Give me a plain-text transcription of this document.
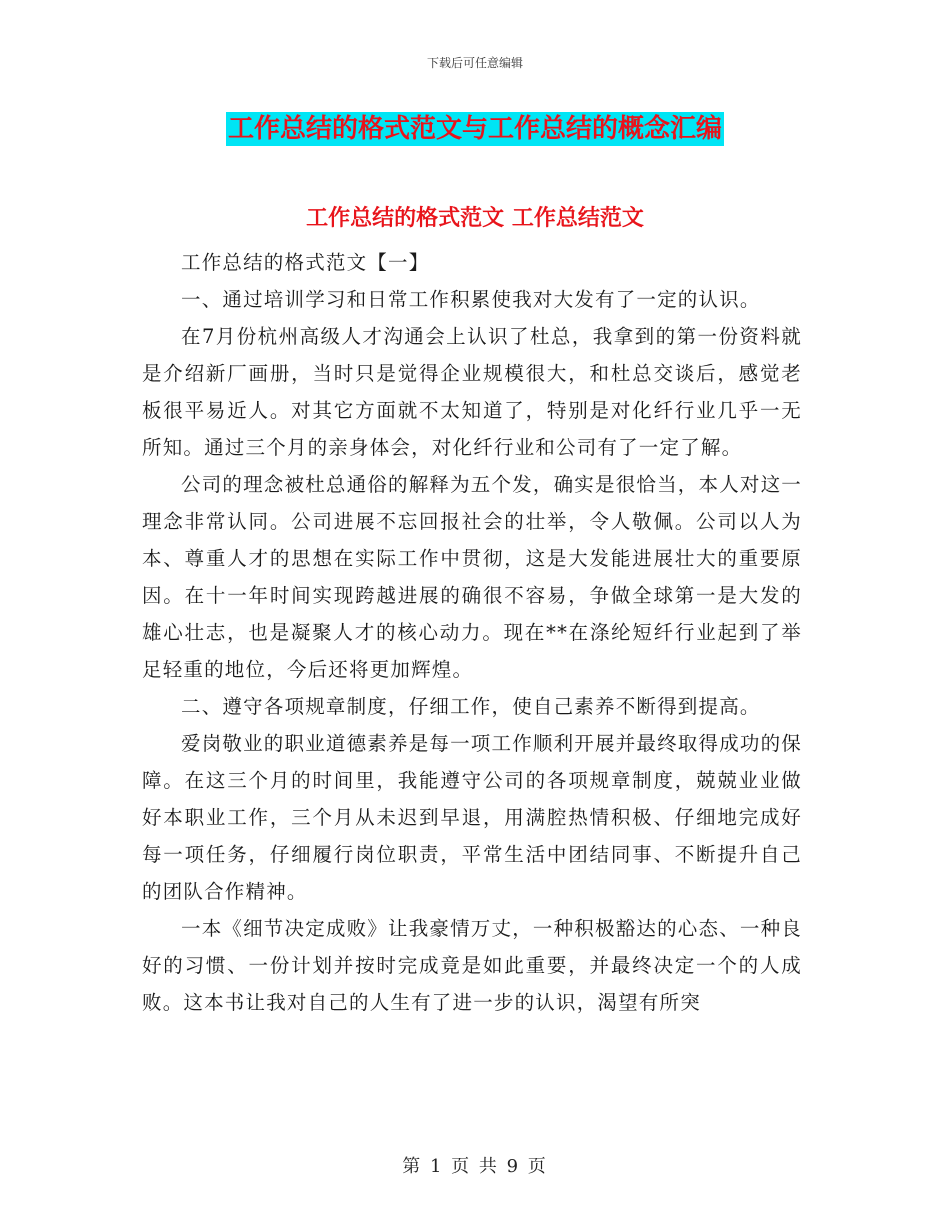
下载后可任意编辑
工作总结的格式范文与工作总结的概念汇编
工作总结的格式范文 工作总结范文

工作总结的格式范文【一】

一、通过培训学习和日常工作积累使我对大发有了一定的认识。

在7月份杭州高级人才沟通会上认识了杜总，我拿到的第一份资料就是介绍新厂画册，当时只是觉得企业规模很大，和杜总交谈后，感觉老板很平易近人。对其它方面就不太知道了，特别是对化纤行业几乎一无所知。通过三个月的亲身体会，对化纤行业和公司有了一定了解。

公司的理念被杜总通俗的解释为五个发，确实是很恰当，本人对这一理念非常认同。公司进展不忘回报社会的壮举，令人敬佩。公司以人为本、尊重人才的思想在实际工作中贯彻，这是大发能进展壮大的重要原因。在十一年时间实现跨越进展的确很不容易，争做全球第一是大发的雄心壮志，也是凝聚人才的核心动力。现在**在涤纶短纤行业起到了举足轻重的地位，今后还将更加辉煌。

二、遵守各项规章制度，仔细工作，使自己素养不断得到提高。

爱岗敬业的职业道德素养是每一项工作顺利开展并最终取得成功的保障。在这三个月的时间里，我能遵守公司的各项规章制度，兢兢业业做好本职业工作，三个月从未迟到早退，用满腔热情积极、仔细地完成好每一项任务，仔细履行岗位职责，平常生活中团结同事、不断提升自己的团队合作精神。

一本《细节决定成败》让我豪情万丈，一种积极豁达的心态、一种良好的习惯、一份计划并按时完成竟是如此重要，并最终决定一个的人成败。这本书让我对自己的人生有了进一步的认识，渴望有所突

第 1 页 共 9 页
